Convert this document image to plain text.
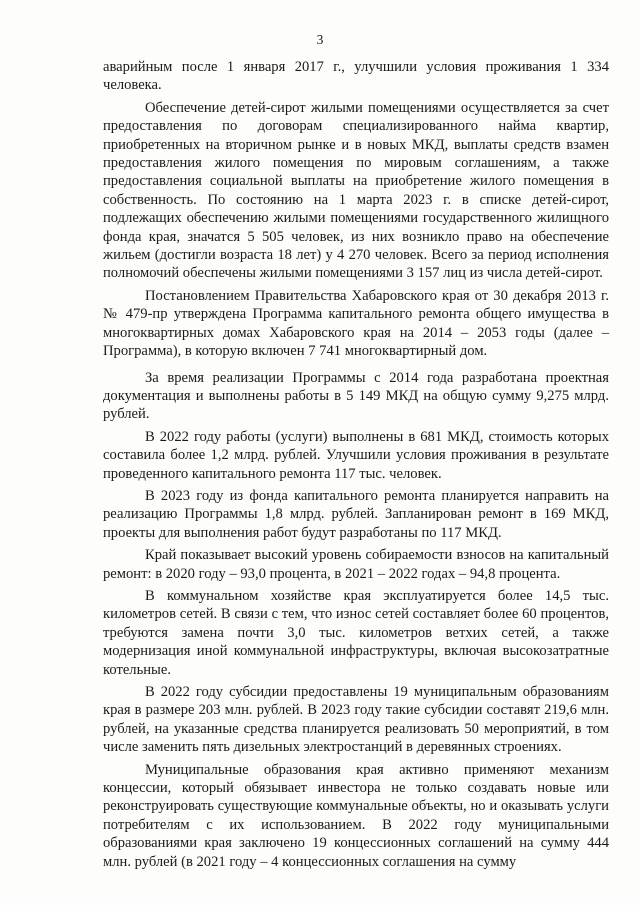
3

аварийным после 1 января 2017 г., улучшили условия проживания 1 334 человека.

Обеспечение детей-сирот жилыми помещениями осуществляется за счет предоставления по договорам специализированного найма квартир, приобретенных на вторичном рынке и в новых МКД, выплаты средств взамен предоставления жилого помещения по мировым соглашениям, а также предоставления социальной выплаты на приобретение жилого помещения в собственность. По состоянию на 1 марта 2023 г. в списке детей-сирот, подлежащих обеспечению жилыми помещениями государственного жилищного фонда края, значатся 5 505 человек, из них возникло право на обеспечение жильем (достигли возраста 18 лет) у 4 270 человек. Всего за период исполнения полномочий обеспечены жилыми помещениями 3 157 лиц из числа детей-сирот.

Постановлением Правительства Хабаровского края от 30 декабря 2013 г. № 479-пр утверждена Программа капитального ремонта общего имущества в многоквартирных домах Хабаровского края на 2014 – 2053 годы (далее – Программа), в которую включен 7 741 многоквартирный дом.

За время реализации Программы с 2014 года разработана проектная документация и выполнены работы в 5 149 МКД на общую сумму 9,275 млрд. рублей.

В 2022 году работы (услуги) выполнены в 681 МКД, стоимость которых составила более 1,2 млрд. рублей. Улучшили условия проживания в результате проведенного капитального ремонта 117 тыс. человек.

В 2023 году из фонда капитального ремонта планируется направить на реализацию Программы 1,8 млрд. рублей. Запланирован ремонт в 169 МКД, проекты для выполнения работ будут разработаны по 117 МКД.

Край показывает высокий уровень собираемости взносов на капитальный ремонт: в 2020 году – 93,0 процента, в 2021 – 2022 годах – 94,8 процента.

В коммунальном хозяйстве края эксплуатируется более 14,5 тыс. километров сетей. В связи с тем, что износ сетей составляет более 60 процентов, требуются замена почти 3,0 тыс. километров ветхих сетей, а также модернизация иной коммунальной инфраструктуры, включая высокозатратные котельные.

В 2022 году субсидии предоставлены 19 муниципальным образованиям края в размере 203 млн. рублей. В 2023 году такие субсидии составят 219,6 млн. рублей, на указанные средства планируется реализовать 50 мероприятий, в том числе заменить пять дизельных электростанций в деревянных строениях.

Муниципальные образования края активно применяют механизм концессии, который обязывает инвестора не только создавать новые или реконструировать существующие коммунальные объекты, но и оказывать услуги потребителям с их использованием. В 2022 году муниципальными образованиями края заключено 19 концессионных соглашений на сумму 444 млн. рублей (в 2021 году – 4 концессионных соглашения на сумму
